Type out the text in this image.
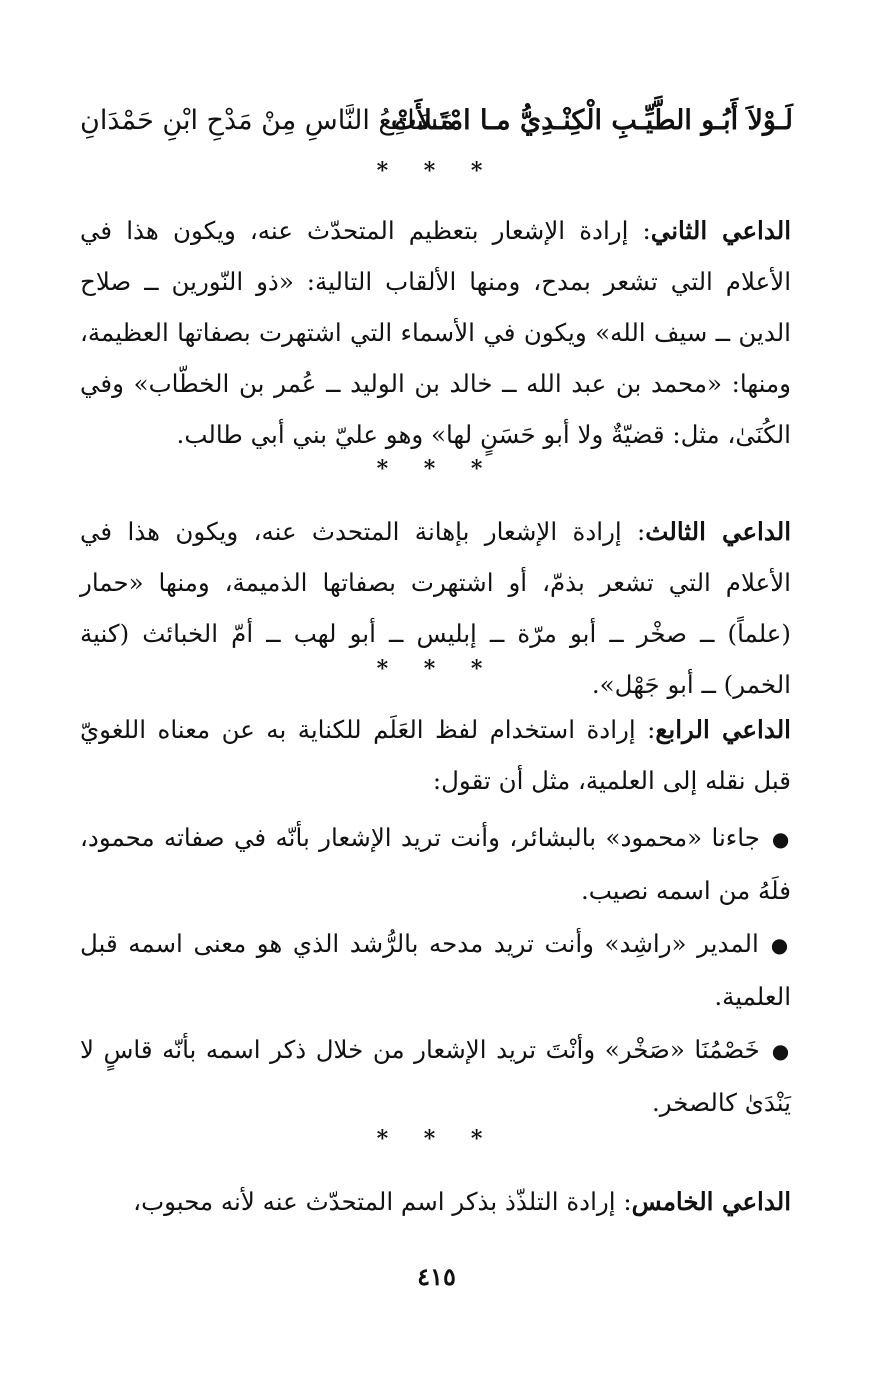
لَـوْلاَ أَبُـو الطَّيِّـبِ الْكِنْـدِيُّ مـا امْتَـلأَتْ
مَسَامِعُ النَّاسِ مِنْ مَدْحِ ابْنِ حَمْدَانِ
* * *
الداعي الثاني: إرادة الإشعار بتعظيم المتحدّث عنه، ويكون هذا في الأعلام التي تشعر بمدح، ومنها الألقاب التالية: «ذو النّورين ــ صلاح الدين ــ سيف الله» ويكون في الأسماء التي اشتهرت بصفاتها العظيمة، ومنها: «محمد بن عبد الله ــ خالد بن الوليد ــ عُمر بن الخطّاب» وفي الكُنَىٰ، مثل: قضيّةٌ ولا أبو حَسَنٍ لها» وهو عليّ بني أبي طالب.
* * *
الداعي الثالث: إرادة الإشعار بإهانة المتحدث عنه، ويكون هذا في الأعلام التي تشعر بذمّ، أو اشتهرت بصفاتها الذميمة، ومنها «حمار (علماً) ــ صخْر ــ أبو مرّة ــ إبليس ــ أبو لهب ــ أمّ الخبائث (كنية الخمر) ــ أبو جَهْل».
* * *
الداعي الرابع: إرادة استخدام لفظ العَلَم للكناية به عن معناه اللغويّ قبل نقله إلى العلمية، مثل أن تقول:
●جاءنا «محمود» بالبشائر، وأنت تريد الإشعار بأنّه في صفاته محمود، فلَهُ من اسمه نصيب.
●المدير «راشِد» وأنت تريد مدحه بالرُّشد الذي هو معنى اسمه قبل العلمية.
●خَصْمُنَا «صَخْر» وأنْتَ تريد الإشعار من خلال ذكر اسمه بأنّه قاسٍ لا يَنْدَىٰ كالصخر.
* * *
الداعي الخامس: إرادة التلذّذ بذكر اسم المتحدّث عنه لأنه محبوب،
٤١٥
